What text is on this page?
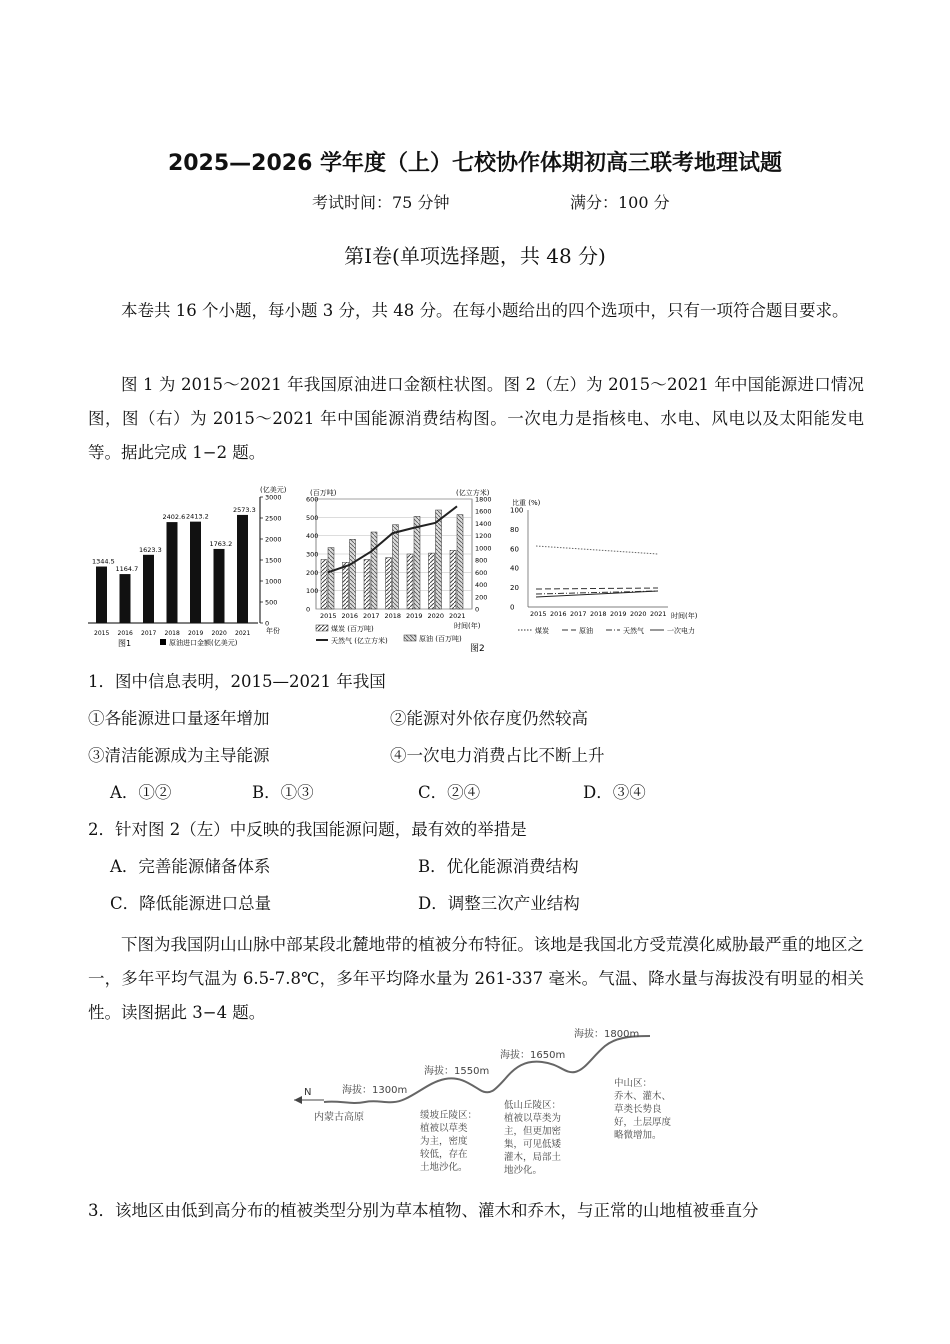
2025—2026 学年度（上）七校协作体期初高三联考地理试题
考试时间：75 分钟	满分：100 分
第Ⅰ卷(单项选择题，共 48 分)
本卷共 16 个小题，每小题 3 分，共 48 分。在每小题给出的四个选项中，只有一项符合题目要求。
图 1 为 2015～2021 年我国原油进口金额柱状图。图 2（左）为 2015～2021 年中国能源进口情况图，图（右）为 2015～2021 年中国能源消费结构图。一次电力是指核电、水电、风电以及太阳能发电等。据此完成 1−2 题。
(亿美元)
3000
2500
2000
1500
1000
500
0
1344.5
2015
1164.7
2016
1623.3
2017
2402.6
2018
2413.2
2019
1763.2
2020
2573.3
2021 年份
原油进口金额(亿美元)
图1
(百万吨)	(亿立方米)
600
500
400
300
200
100
0
1800
1600
1400
1200
1000
800
600
400
200
0
2015 2016 2017 2018 2019 2020 2021
时间(年)
煤炭 (百万吨)
天然气 (亿立方米)	原油 (百万吨)
图2
比重 (%)
100
80
60
40
20
0
2015 2016 2017 2018 2019 2020 2021 时间(年)
煤炭	原油	天然气	一次电力
1．图中信息表明，2015—2021 年我国
①各能源进口量逐年增加	②能源对外依存度仍然较高
③清洁能源成为主导能源	④一次电力消费占比不断上升
A．①②	B．①③	C．②④	D．③④
2．针对图 2（左）中反映的我国能源问题，最有效的举措是
A．完善能源储备体系	B．优化能源消费结构
C．降低能源进口总量	D．调整三次产业结构
下图为我国阴山山脉中部某段北麓地带的植被分布特征。该地是我国北方受荒漠化威胁最严重的地区之一，多年平均气温为 6.5-7.8℃，多年平均降水量为 261-337 毫米。气温、降水量与海拔没有明显的相关性。读图据此 3−4 题。
N
内蒙古高原
海拔：1300m
海拔：1550m
海拔：1650m
海拔：1800m
缓坡丘陵区：
植被以草类
为主，密度
较低，存在
土地沙化。
低山丘陵区：
植被以草类为
主，但更加密
集，可见低矮
灌木，局部土
地沙化。
中山区：
乔木、灌木、
草类长势良
好，土层厚度
略微增加。
3．该地区由低到高分布的植被类型分别为草本植物、灌木和乔木，与正常的山地植被垂直分
